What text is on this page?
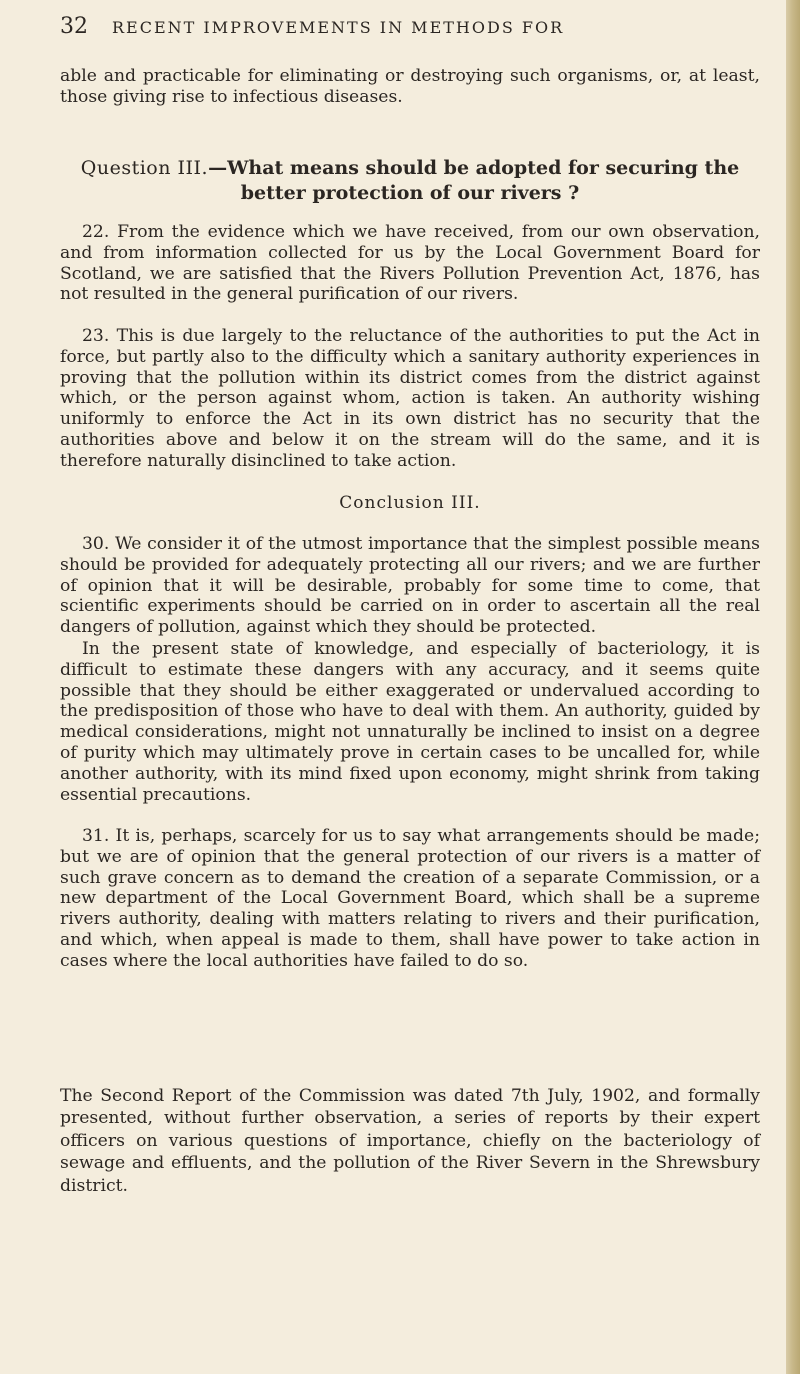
32 RECENT IMPROVEMENTS IN METHODS FOR

able and practicable for eliminating or destroying such organisms, or, at least, those giving rise to infectious diseases.

Question III.—What means should be adopted for securing the better protection of our rivers ?

22. From the evidence which we have received, from our own observation, and from information collected for us by the Local Government Board for Scotland, we are satisfied that the Rivers Pollution Prevention Act, 1876, has not resulted in the general purification of our rivers.

23. This is due largely to the reluctance of the authorities to put the Act in force, but partly also to the difficulty which a sanitary authority experiences in proving that the pollution within its district comes from the district against which, or the person against whom, action is taken. An authority wishing uniformly to enforce the Act in its own district has no security that the authorities above and below it on the stream will do the same, and it is therefore naturally disinclined to take action.

Conclusion III.

30. We consider it of the utmost importance that the simplest possible means should be provided for adequately protecting all our rivers; and we are further of opinion that it will be desirable, probably for some time to come, that scientific experiments should be carried on in order to ascertain all the real dangers of pollution, against which they should be protected.

In the present state of knowledge, and especially of bacteriology, it is difficult to estimate these dangers with any accuracy, and it seems quite possible that they should be either exaggerated or undervalued according to the predisposition of those who have to deal with them. An authority, guided by medical considerations, might not unnaturally be inclined to insist on a degree of purity which may ultimately prove in certain cases to be uncalled for, while another authority, with its mind fixed upon economy, might shrink from taking essential precautions.

31. It is, perhaps, scarcely for us to say what arrangements should be made; but we are of opinion that the general protection of our rivers is a matter of such grave concern as to demand the creation of a separate Commission, or a new department of the Local Government Board, which shall be a supreme rivers authority, dealing with matters relating to rivers and their purification, and which, when appeal is made to them, shall have power to take action in cases where the local authorities have failed to do so.

The Second Report of the Commission was dated 7th July, 1902, and formally presented, without further observation, a series of reports by their expert officers on various questions of importance, chiefly on the bacteriology of sewage and effluents, and the pollution of the River Severn in the Shrewsbury district.
